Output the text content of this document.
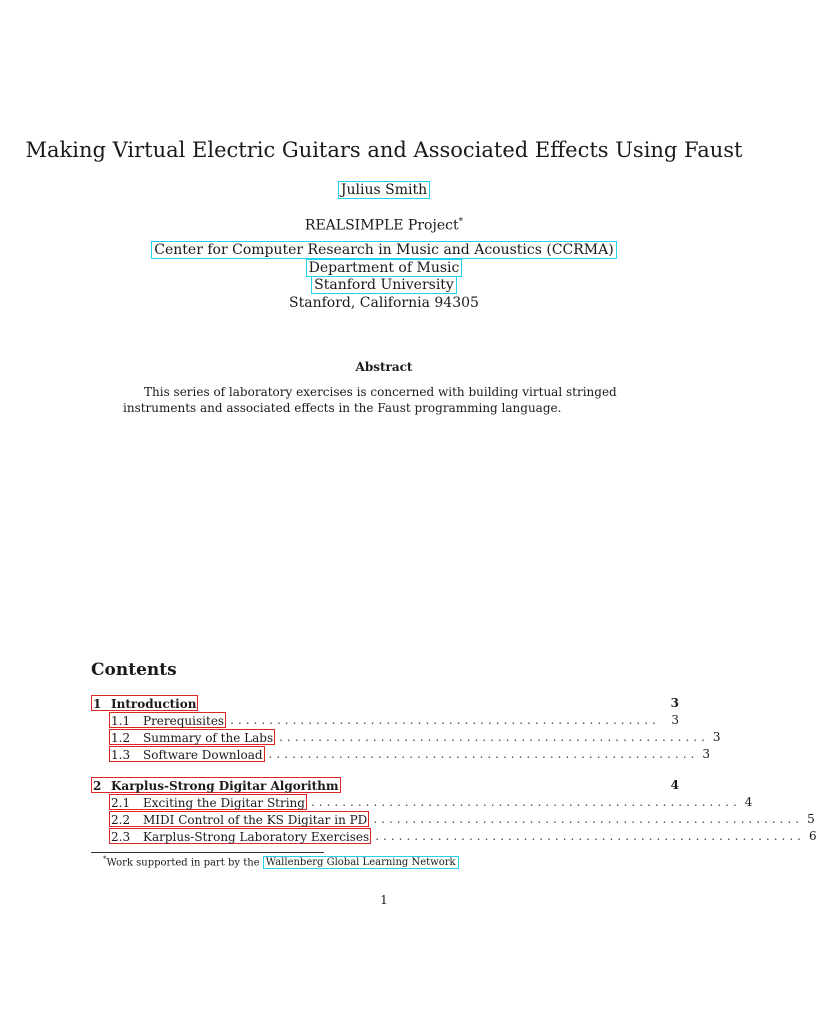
Making Virtual Electric Guitars and Associated Effects Using Faust
Julius Smith
REALSIMPLE Project*
Center for Computer Research in Music and Acoustics (CCRMA)
Department of Music
Stanford University
Stanford, California 94305
Abstract
This series of laboratory exercises is concerned with building virtual stringed instruments and associated effects in the Faust programming language.
Contents
1 Introduction	3
1.1 Prerequisites ....................................................... 3
1.2 Summary of the Labs ....................................................... 3
1.3 Software Download ....................................................... 3
2 Karplus-Strong Digitar Algorithm	4
2.1 Exciting the Digitar String ....................................................... 4
2.2 MIDI Control of the KS Digitar in PD ....................................................... 5
2.3 Karplus-Strong Laboratory Exercises ....................................................... 6
*Work supported in part by the Wallenberg Global Learning Network
1
